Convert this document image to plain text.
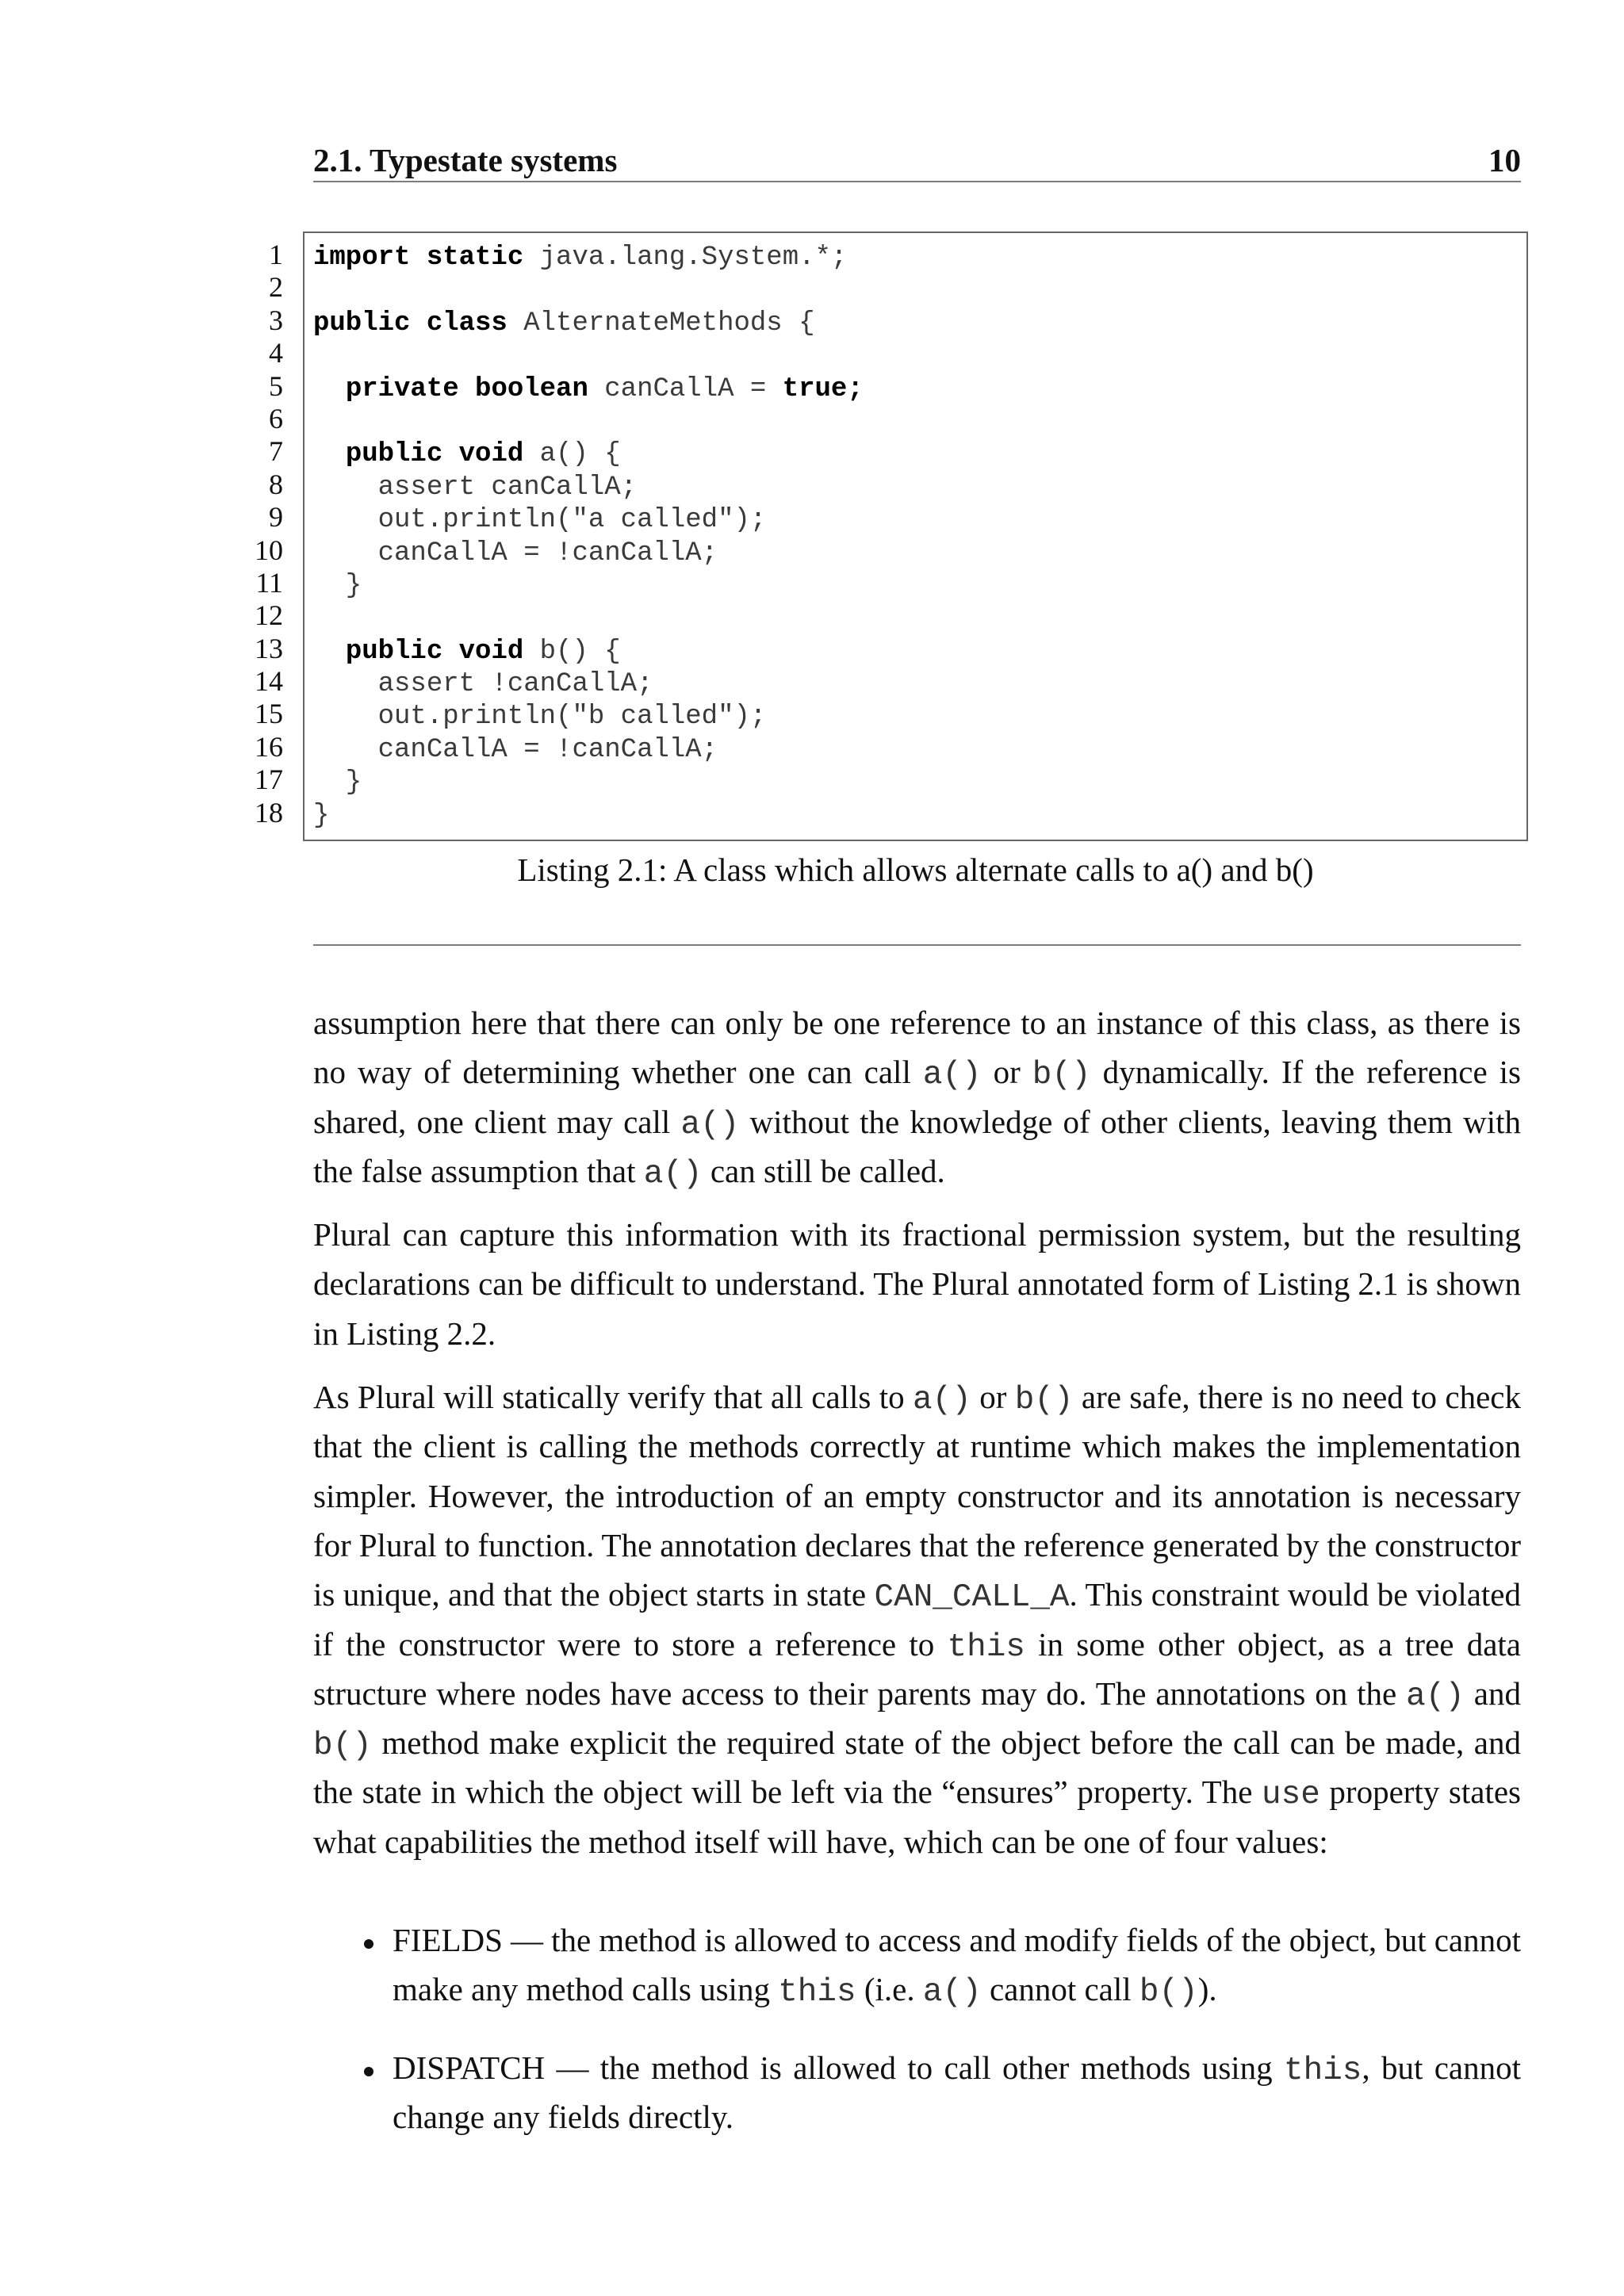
2.1. Typestate systems	10
1 import static java.lang.System.*;
2
3 public class AlternateMethods {
4
5	private boolean canCallA = true;
6
7	public void a() {
8 assert canCallA;
9 out.println("a called");
10 canCallA = !canCallA;
11 }
12
13	public void b() {
14 assert !canCallA;
15 out.println("b called");
16 canCallA = !canCallA;
17 }
18 }
Listing 2.1: A class which allows alternate calls to a() and b()
assumption here that there can only be one reference to an instance of this class, as there is
no way of determining whether one can call a() or b() dynamically. If the reference is
shared, one client may call a() without the knowledge of other clients, leaving them with
the false assumption that a() can still be called.
Plural can capture this information with its fractional permission system, but the resulting
declarations can be difficult to understand. The Plural annotated form of Listing 2.1 is shown
in Listing 2.2.
As Plural will statically verify that all calls to a() or b() are safe, there is no need to check
that the client is calling the methods correctly at runtime which makes the implementation
simpler. However, the introduction of an empty constructor and its annotation is necessary
for Plural to function. The annotation declares that the reference generated by the constructor
is unique, and that the object starts in state CAN_CALL_A. This constraint would be violated
if the constructor were to store a reference to this in some other object, as a tree data
structure where nodes have access to their parents may do. The annotations on the a() and
b() method make explicit the required state of the object before the call can be made, and
the state in which the object will be left via the “ensures” property. The use property states
what capabilities the method itself will have, which can be one of four values:
FIELDS — the method is allowed to access and modify fields of the object, but cannot
make any method calls using this (i.e. a() cannot call b()).
DISPATCH — the method is allowed to call other methods using this, but cannot
change any fields directly.
